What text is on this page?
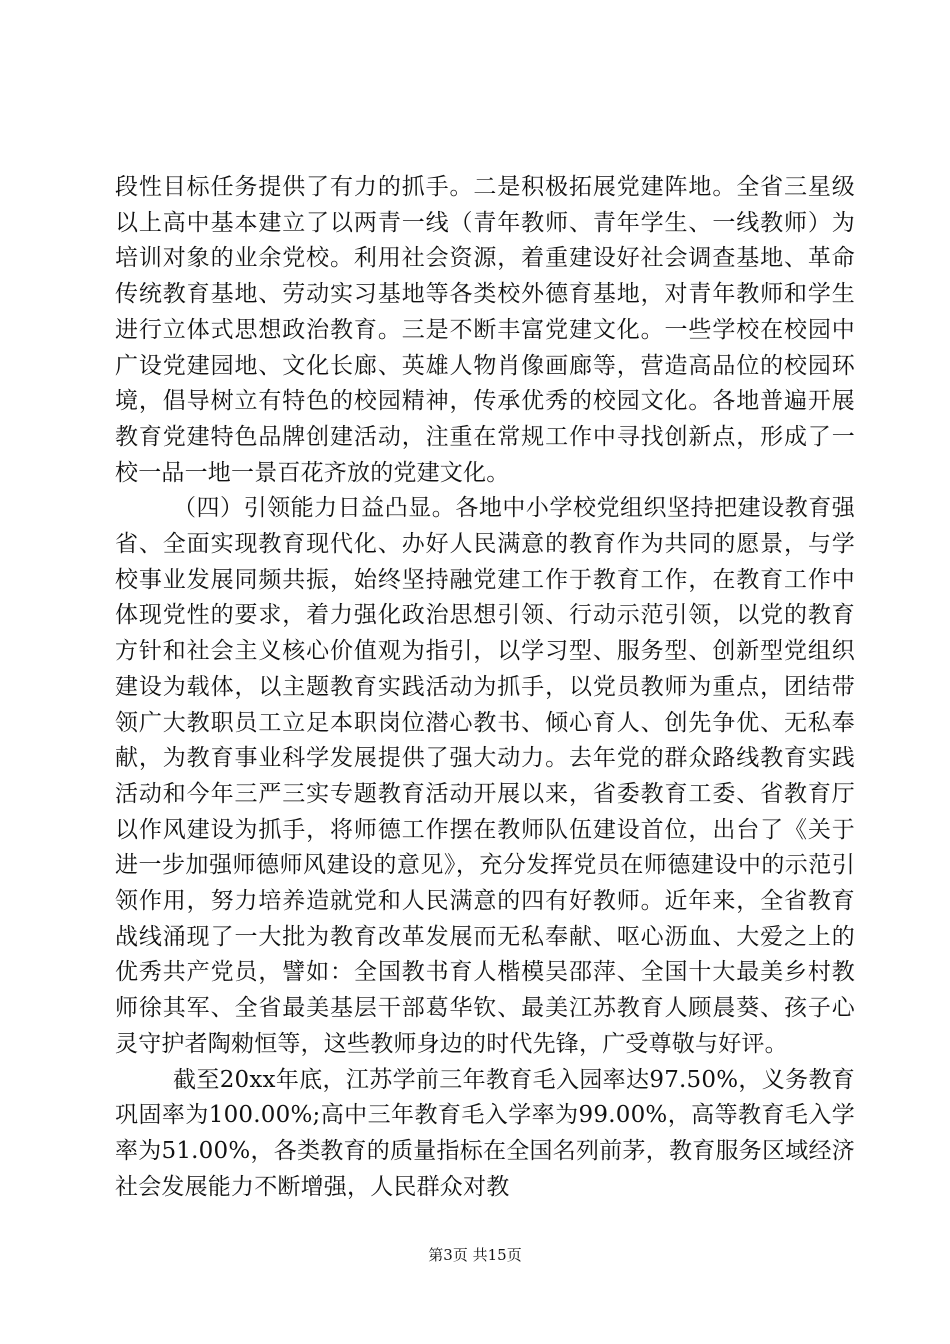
段性目标任务提供了有力的抓手。二是积极拓展党建阵地。全省三星级以上高中基本建立了以两青一线（青年教师、青年学生、一线教师）为培训对象的业余党校。利用社会资源，着重建设好社会调查基地、革命传统教育基地、劳动实习基地等各类校外德育基地，对青年教师和学生进行立体式思想政治教育。三是不断丰富党建文化。一些学校在校园中广设党建园地、文化长廊、英雄人物肖像画廊等，营造高品位的校园环境，倡导树立有特色的校园精神，传承优秀的校园文化。各地普遍开展教育党建特色品牌创建活动，注重在常规工作中寻找创新点，形成了一校一品一地一景百花齐放的党建文化。

（四）引领能力日益凸显。各地中小学校党组织坚持把建设教育强省、全面实现教育现代化、办好人民满意的教育作为共同的愿景，与学校事业发展同频共振，始终坚持融党建工作于教育工作，在教育工作中体现党性的要求，着力强化政治思想引领、行动示范引领，以党的教育方针和社会主义核心价值观为指引，以学习型、服务型、创新型党组织建设为载体，以主题教育实践活动为抓手，以党员教师为重点，团结带领广大教职员工立足本职岗位潜心教书、倾心育人、创先争优、无私奉献，为教育事业科学发展提供了强大动力。去年党的群众路线教育实践活动和今年三严三实专题教育活动开展以来，省委教育工委、省教育厅以作风建设为抓手，将师德工作摆在教师队伍建设首位，出台了《关于进一步加强师德师风建设的意见》，充分发挥党员在师德建设中的示范引领作用，努力培养造就党和人民满意的四有好教师。近年来，全省教育战线涌现了一大批为教育改革发展而无私奉献、呕心沥血、大爱之上的优秀共产党员，譬如：全国教书育人楷模吴邵萍、全国十大最美乡村教师徐其军、全省最美基层干部葛华钦、最美江苏教育人顾晨葵、孩子心灵守护者陶勑恒等，这些教师身边的时代先锋，广受尊敬与好评。

截至20xx年底，江苏学前三年教育毛入园率达97.50%，义务教育巩固率为100.00%;高中三年教育毛入学率为99.00%，高等教育毛入学率为51.00%，各类教育的质量指标在全国名列前茅，教育服务区域经济社会发展能力不断增强，人民群众对教

第3页 共15页
